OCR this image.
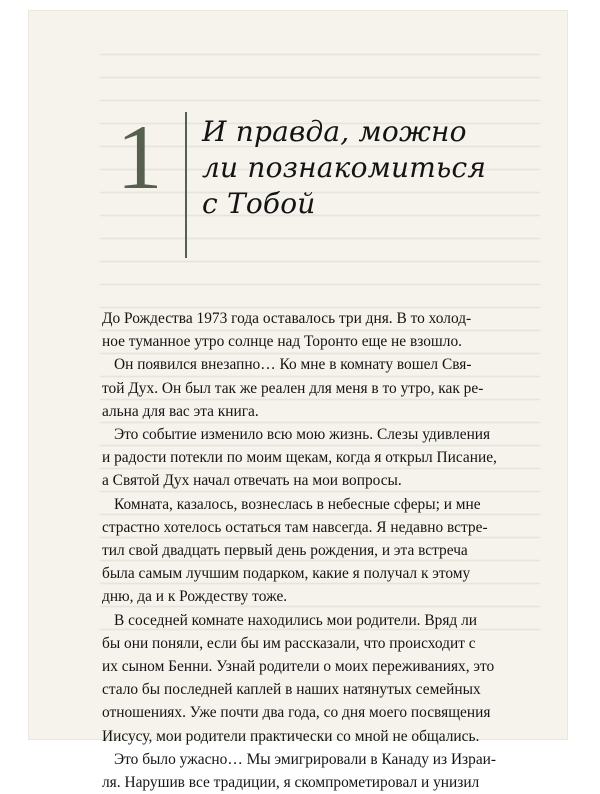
1	И правда, можно
ли познакомиться
с Тобой

До Рождества 1973 года оставалось три дня. В то холод-

ное туманное утро солнце над Торонто еще не взошло.

Он появился внезапно… Ко мне в комнату вошел Свя-

той Дух. Он был так же реален для меня в то утро, как ре-

альна для вас эта книга.

Это событие изменило всю мою жизнь. Слезы удивления

и радости потекли по моим щекам, когда я открыл Писание,

а Святой Дух начал отвечать на мои вопросы.

Комната, казалось, вознеслась в небесные сферы; и мне

страстно хотелось остаться там навсегда. Я недавно встре-

тил свой двадцать первый день рождения, и эта встреча

была самым лучшим подарком, какие я получал к этому

дню, да и к Рождеству тоже.

В соседней комнате находились мои родители. Вряд ли

бы они поняли, если бы им рассказали, что происходит с

их сыном Бенни. Узнай родители о моих переживаниях, это

стало бы последней каплей в наших натянутых семейных

отношениях. Уже почти два года, со дня моего посвящения

Иисусу, мои родители практически со мной не общались.

Это было ужасно… Мы эмигрировали в Канаду из Израи-

ля. Нарушив все традиции, я скомпрометировал и унизил
